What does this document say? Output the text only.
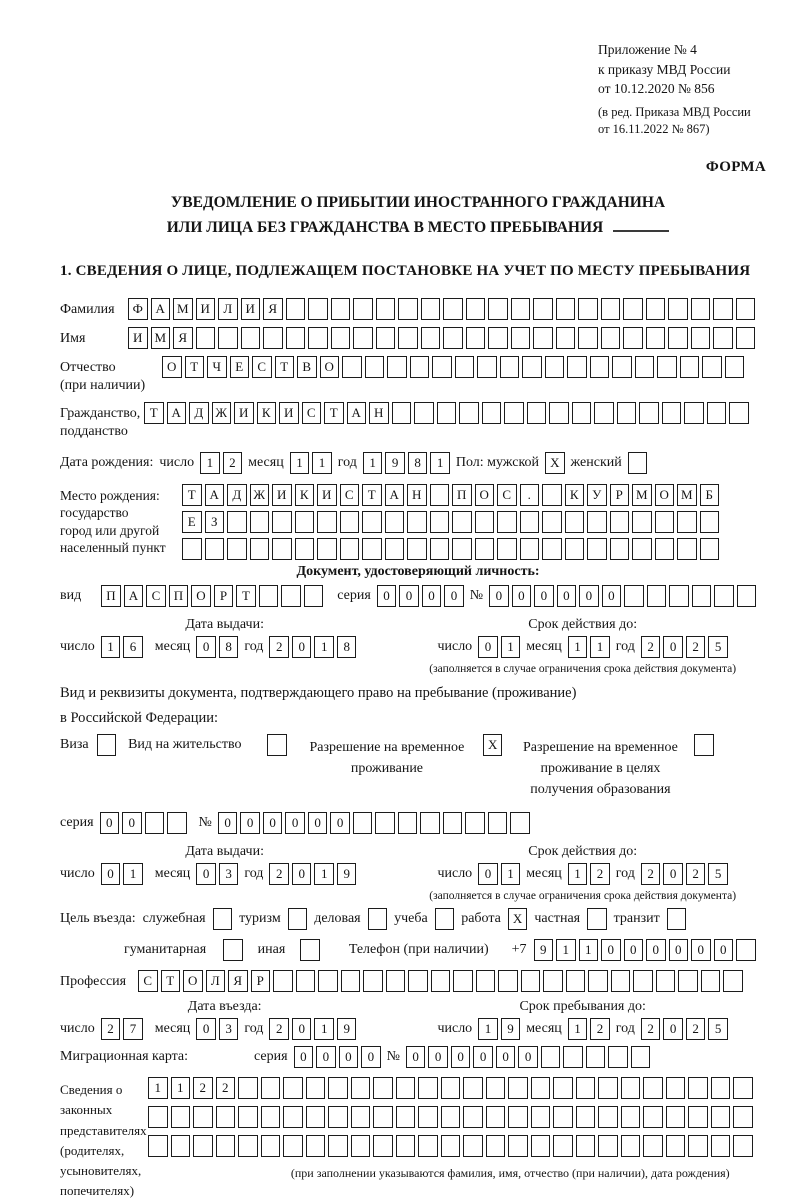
Приложение № 4
к приказу МВД России
от 10.12.2020 № 856
(в ред. Приказа МВД России
от 16.11.2022 № 867)
ФОРМА
УВЕДОМЛЕНИЕ О ПРИБЫТИИ ИНОСТРАННОГО ГРАЖДАНИНА
ИЛИ ЛИЦА БЕЗ ГРАЖДАНСТВА В МЕСТО ПРЕБЫВАНИЯ
1. СВЕДЕНИЯ О ЛИЦЕ, ПОДЛЕЖАЩЕМ ПОСТАНОВКЕ НА УЧЕТ ПО МЕСТУ ПРЕБЫВАНИЯ
Фамилия	Ф А М И	Л	И	Я
Имя	И М Я
Отчество
(при наличии)
О	Т	Ч	Е	С	Т	В	О
Гражданство,
подданство
Т	А	Д Ж И	К	И	С	Т	А	Н
Дата рождения: число 1	2 месяц 1	1 год 1	9	8	1 Пол: мужской X женский
Место рождения:
государство
город или другой
населенный пункт
Т	А	Д Ж И	К	И	С	Т	А	Н	П	О	С	.	К	У	Р	М О М Б
Е	З
Документ, удостоверяющий личность:
вид	П	А	С	П	О	Р	Т	серия 0	0	0	0 № 0	0	0	0	0	0
Дата выдачи:
число 1	6	месяц 0	8 год 2	0	1	8
Срок действия до:
число 0	1 месяц 1	1 год 2	0	2	5
(заполняется в случае ограничения срока действия документа)
Вид и реквизиты документа, подтверждающего право на пребывание (проживание)
в Российской Федерации:
Виза	Вид на жительство	Разрешение на временное проживание
X	Разрешение на временное проживание в целях получения образования
серия 0	0	№ 0	0	0	0	0	0
Дата выдачи:
число 0	1	месяц 0	3 год 2	0	1	9
Срок действия до:
число 0	1 месяц 1	2 год 2	0	2	5
(заполняется в случае ограничения срока действия документа)
Цель въезда: служебная туризм деловая учеба работа X частная транзит
гуманитарная	иная	Телефон (при наличии) +7	9	1	1	0	0	0	0	0	0
Профессия	С	Т	О	Л	Я	Р
Дата въезда:
число 2	7	месяц 0	3 год 2	0	1	9
Срок пребывания до:
число 1	9 месяц 1	2 год 2	0	2	5
Миграционная карта:	серия 0	0	0	0 № 0	0	0	0	0	0
Сведения о
законных
представителях
(родителях,
усыновителях,
попечителях)
1	1	2	2
(при заполнении указываются фамилия, имя, отчество (при наличии), дата рождения)
